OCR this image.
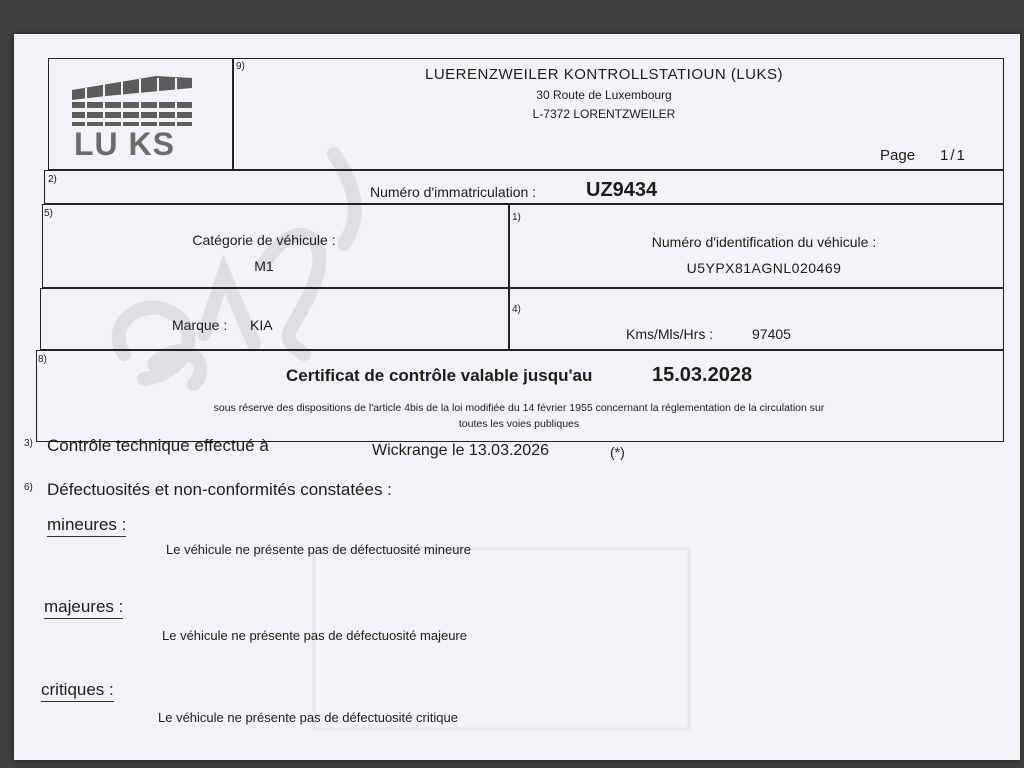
LU KS
9)	LUERENZWEILER KONTROLLSTATIOUN (LUKS)
30 Route de Luxembourg
L-7372 LORENTZWEILER
Page 1/1
2)
Numéro d'immatriculation : UZ9434
5)
Catégorie de véhicule :
M1
1)
Numéro d'identification du véhicule :
U5YPX81AGNL020469
Marque : KIA
4)
Kms/Mls/Hrs :	97405
8)
Certificat de contrôle valable jusqu'au	15.03.2028
sous réserve des dispositions de l'article 4bis de la loi modifiée du 14 février 1955 concernant la réglementation de la circulation sur
toutes les voies publiques
3) Contrôle technique effectué à	Wickrange le 13.03.2026	(*)
6) Défectuosités et non-conformités constatées :
mineures :
Le véhicule ne présente pas de défectuosité mineure
majeures :
Le véhicule ne présente pas de défectuosité majeure
critiques :
Le véhicule ne présente pas de défectuosité critique
